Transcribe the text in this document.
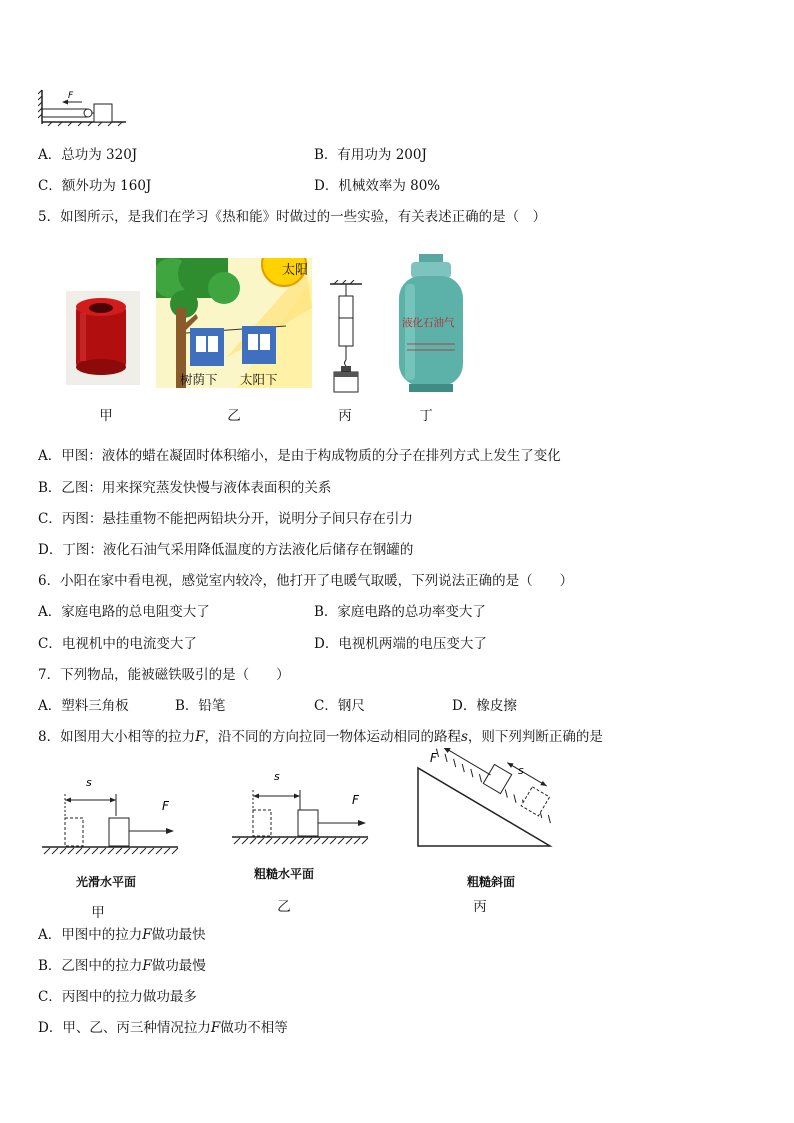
F
A．总功为 320J	B．有用功为 200J
C．额外功为 160J	D．机械效率为 80%
5．如图所示，是我们在学习《热和能》时做过的一些实验，有关表述正确的是（　）
太阳
树荫下 太阳下
液化石油气
甲	乙	丙	丁
A．甲图：液体的蜡在凝固时体积缩小，是由于构成物质的分子在排列方式上发生了变化
B．乙图：用来探究蒸发快慢与液体表面积的关系
C．丙图：悬挂重物不能把两铅块分开，说明分子间只存在引力
D．丁图：液化石油气采用降低温度的方法液化后储存在钢罐的
6．小阳在家中看电视，感觉室内较冷，他打开了电暖气取暖，下列说法正确的是（　　）
A．家庭电路的总电阻变大了	B．家庭电路的总功率变大了
C．电视机中的电流变大了	D．电视机两端的电压变大了
7．下列物品，能被磁铁吸引的是（　　）
A．塑料三角板	B．铅笔	C．钢尺	D．橡皮擦
8．如图用大小相等的拉力F，沿不同的方向拉同一物体运动相同的路程s，则下列判断正确的是
s
F
光滑水平面
甲
s
F
粗糙水平面
乙
s
F
粗糙斜面
丙
A．甲图中的拉力F做功最快
B．乙图中的拉力F做功最慢
C．丙图中的拉力做功最多
D．甲、乙、丙三种情况拉力F做功不相等
